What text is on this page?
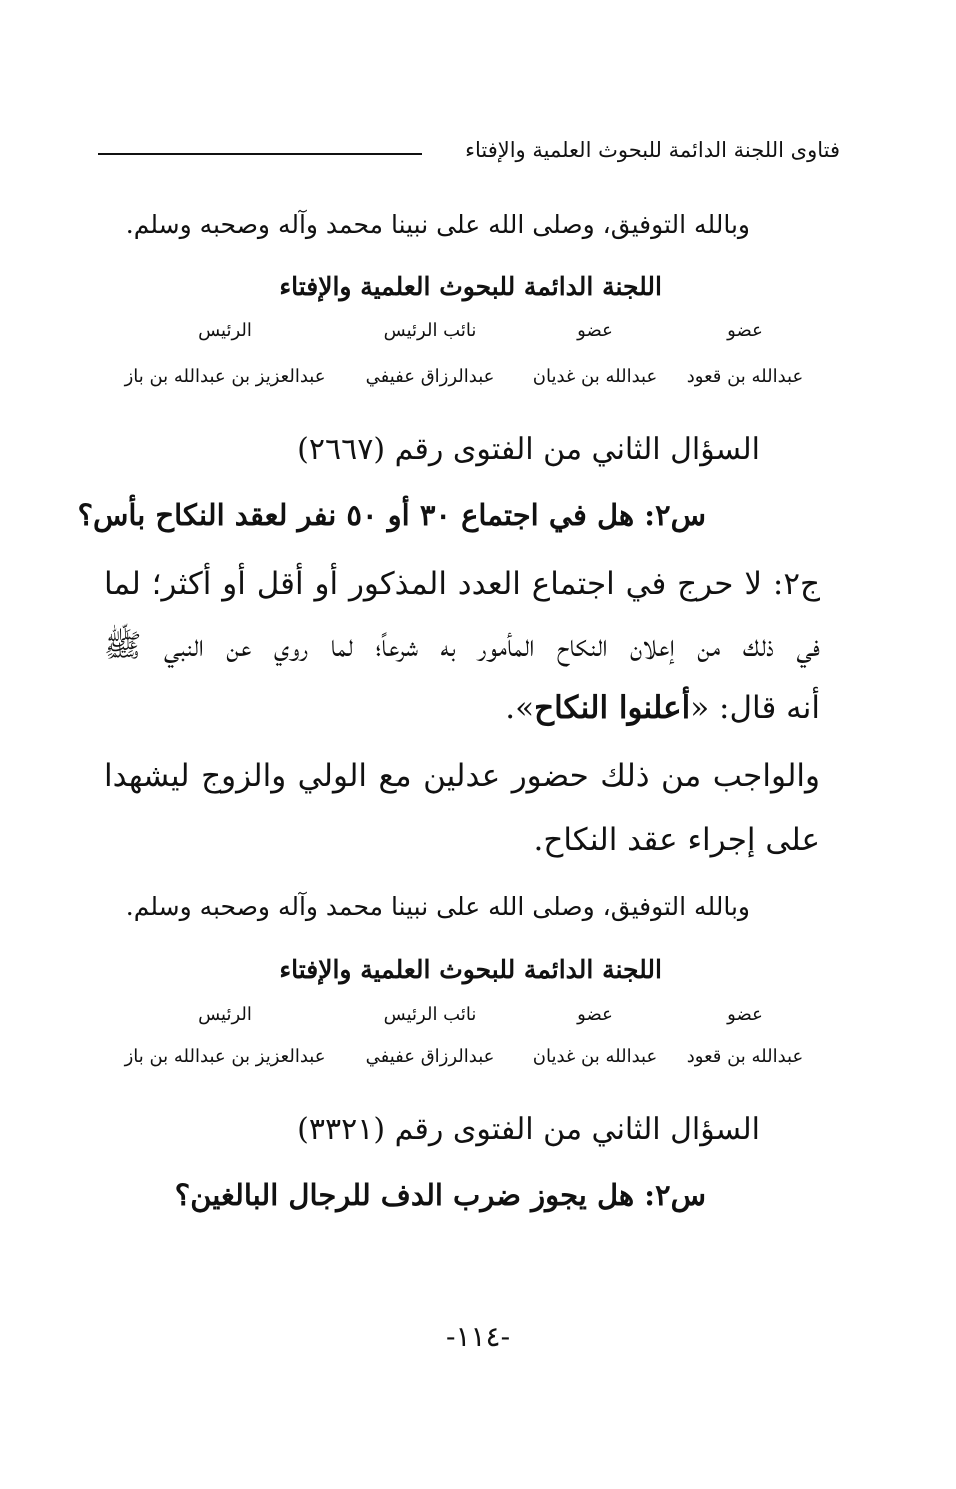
فتاوى اللجنة الدائمة للبحوث العلمية والإفتاء
وبالله التوفيق، وصلى الله على نبينا محمد وآله وصحبه وسلم.
اللجنة الدائمة للبحوث العلمية والإفتاء
عضو
عضو
نائب الرئيس
الرئيس
عبدالله بن قعود
عبدالله بن غديان
عبدالرزاق عفيفي
عبدالعزيز بن عبدالله بن باز
السؤال الثاني من الفتوى رقم (٢٦٦٧)
س٢: هل في اجتماع ٣٠ أو ٥٠ نفر لعقد النكاح بأس؟
ج٢: لا حرج في اجتماع العدد المذكور أو أقل أو أكثر؛ لما
في ذلك من إعلان النكاح المأمور به شرعاً؛ لما روي عن النبي ﷺ
أنه قال: «أعلنوا النكاح».
والواجب من ذلك حضور عدلين مع الولي والزوج ليشهدا
على إجراء عقد النكاح.
وبالله التوفيق، وصلى الله على نبينا محمد وآله وصحبه وسلم.
اللجنة الدائمة للبحوث العلمية والإفتاء
عضو
عضو
نائب الرئيس
الرئيس
عبدالله بن قعود
عبدالله بن غديان
عبدالرزاق عفيفي
عبدالعزيز بن عبدالله بن باز
السؤال الثاني من الفتوى رقم (٣٣٢١)
س٢: هل يجوز ضرب الدف للرجال البالغين؟
-١١٤-
